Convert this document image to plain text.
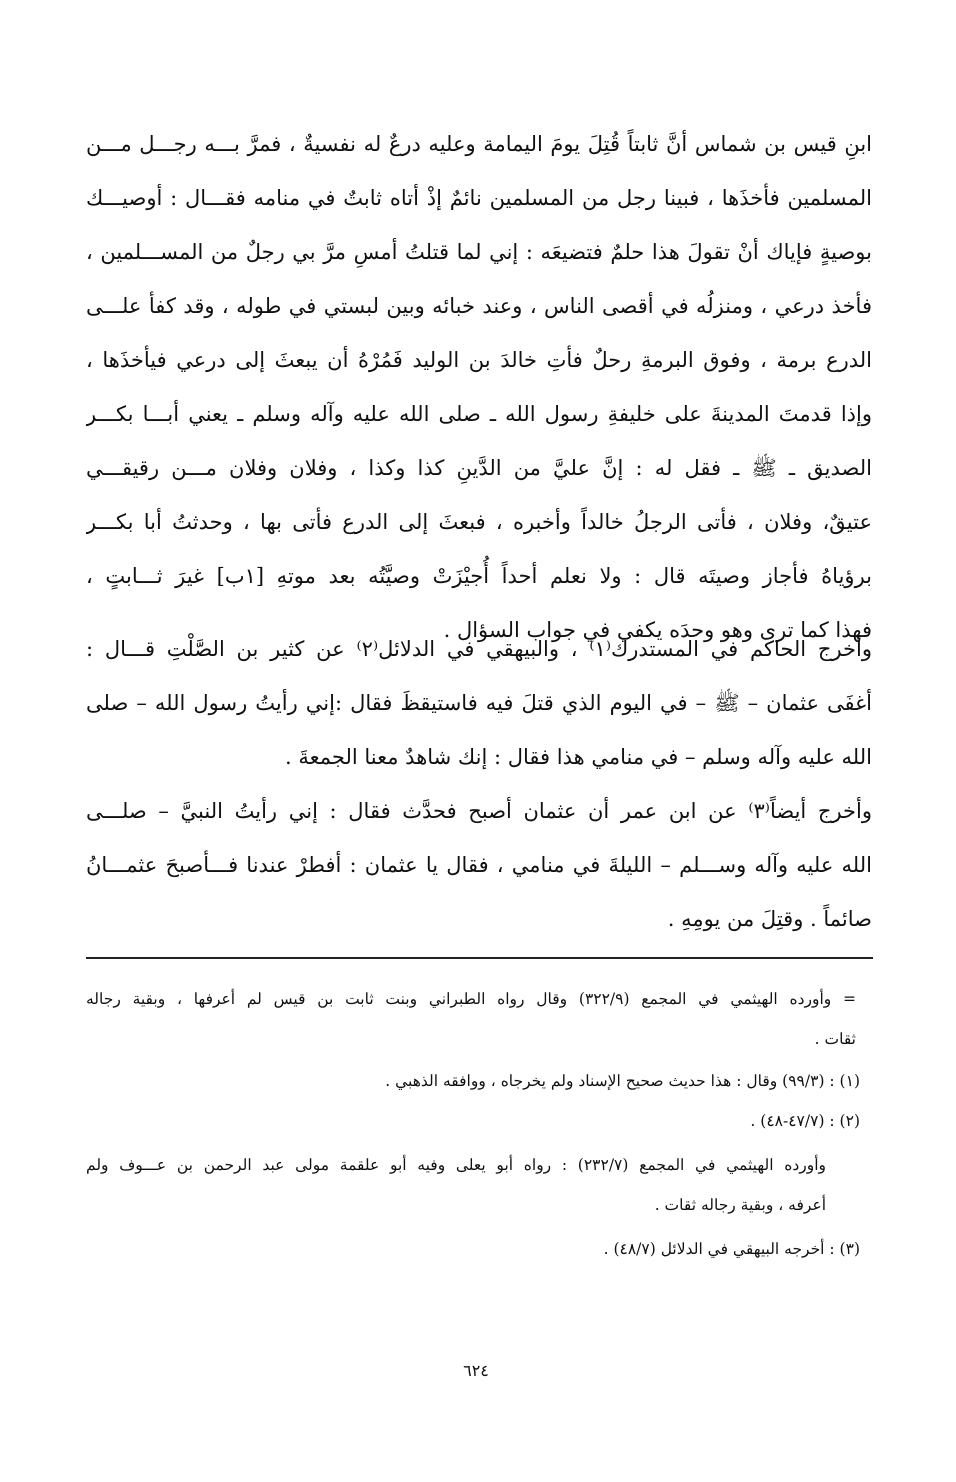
ابنِ قيس بن شماس أنَّ ثابتاً قُتِلَ يومَ اليمامة وعليه درعٌ له نفسيةٌ ، فمرَّ بـــه رجـــل مـــن
المسلمين فأخذَها ، فبينا رجل من المسلمين نائمٌ إذْ أتاه ثابتٌ في منامه فقـــال : أوصيـــك
بوصيةٍ فإياك أنْ تقولَ هذا حلمٌ فتضيعَه : إني لما قتلتُ أمسِ مرَّ بي رجلٌ من المســـلمين ،
فأخذ درعي ، ومنزلُه في أقصى الناس ، وعند خبائه وبين لبستي في طوله ، وقد كفأ علـــى
الدرع برمة ، وفوق البرمةِ رحلٌ فأتِ خالدَ بن الوليد فَمُرْهُ أن يبعثَ إلى درعي فيأخذَها ،
وإذا قدمتَ المدينةَ على خليفةِ رسول الله ـ صلى الله عليه وآله وسلم ـ يعني أبـــا بكـــر
الصديق ـ ﷺ ـ فقل له : إنَّ عليَّ من الدَّينِ كذا وكذا ، وفلان وفلان مـــن رقيقـــي
عتيقٌ، وفلان ، فأتى الرجلُ خالداً وأخبره ، فبعثَ إلى الدرع فأتى بها ، وحدثتُ أبا بكـــر
برؤياهُ فأجاز وصيتَه قال : ولا نعلم أحداً أُجيْزَتْ وصيَّتُه بعد موتهِ [١ب] غيرَ ثـــابتٍ ،
فهذا كما ترى وهو وحدَه يكفي في جواب السؤال .
وأخرج الحاكم في المستدرك⁽١⁾ ، والبيهقي في الدلائل⁽٢⁾ عن كثير بن الصَّلْتِ قـــال :
أغفَى عثمان – ﷺ – في اليوم الذي قتلَ فيه فاستيقظَ فقال :إني رأيتُ رسول الله – صلى
الله عليه وآله وسلم – في منامي هذا فقال : إنك شاهدٌ معنا الجمعةَ .
وأخرج أيضاً⁽٣⁾ عن ابن عمر أن عثمان أصبح فحدَّث فقال : إني رأيتُ النبيَّ – صلـــى
الله عليه وآله وســـلم – الليلةَ في منامي ، فقال يا عثمان : أفطرْ عندنا فـــأصبحَ عثمـــانُ
صائماً . وقتِلَ من يومِهِ .
= وأورده الهيثمي في المجمع (٣٢٢/٩) وقال رواه الطبراني وبنت ثابت بن قيس لم أعرفها ، وبقية رجاله
ثقات .
(١) : (٩٩/٣) وقال : هذا حديث صحيح الإسناد ولم يخرجاه ، ووافقه الذهبي .
(٢) : (٤٧/٧-٤٨) .
وأورده الهيثمي في المجمع (٢٣٢/٧) : رواه أبو يعلى وفيه أبو علقمة مولى عبد الرحمن بن عـــوف ولم
أعرفه ، وبقية رجاله ثقات .
(٣) : أخرجه البيهقي في الدلائل (٤٨/٧) .
٦٢٤
